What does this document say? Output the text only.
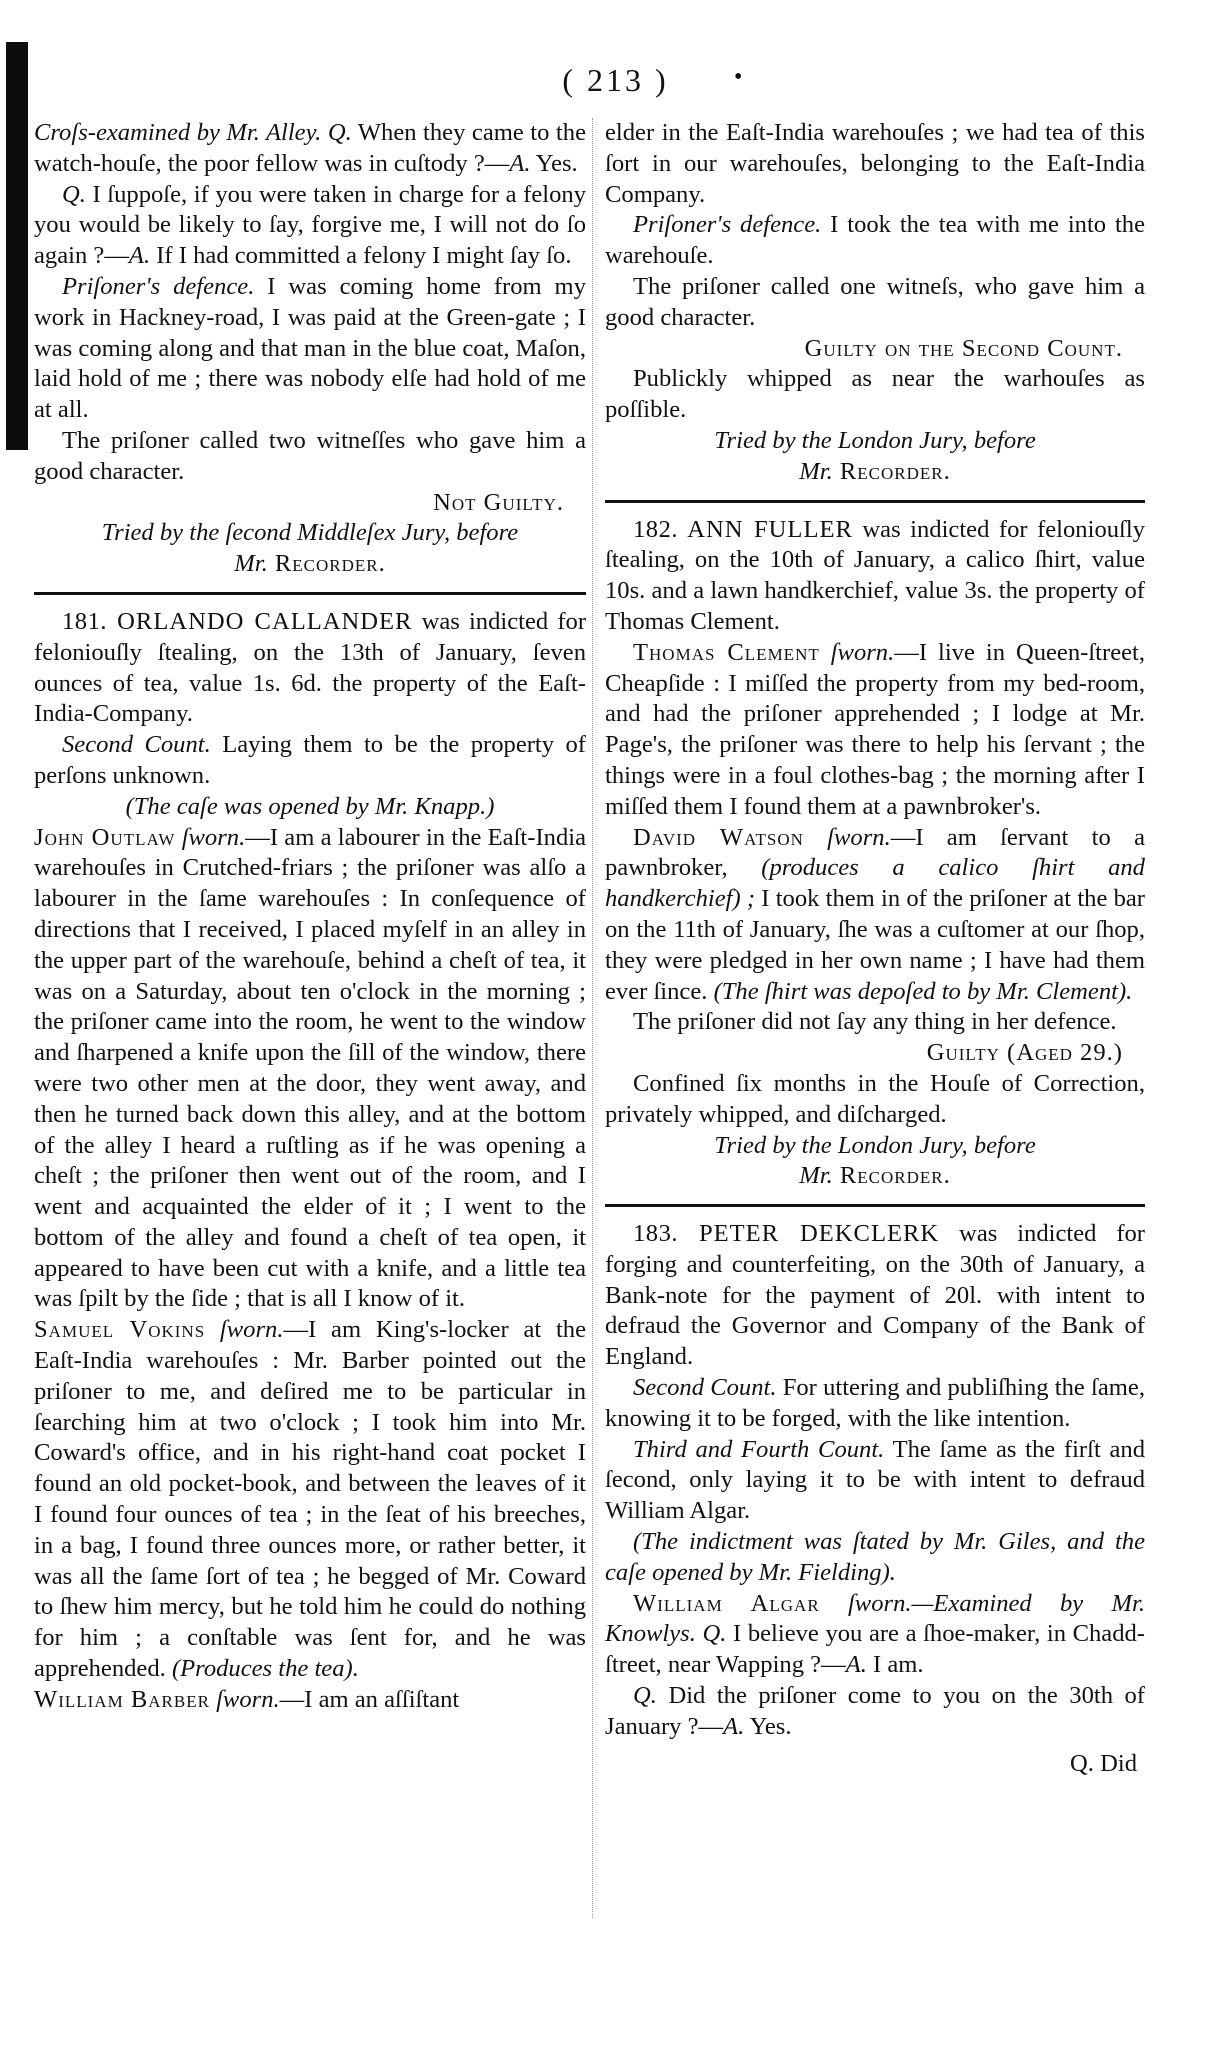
( 213 )	•

Croſs-examined by Mr. Alley. Q. When they came to the watch-houſe, the poor fellow was in cuſtody ?—A. Yes.

Q. I ſuppoſe, if you were taken in charge for a felony you would be likely to ſay, forgive me, I will not do ſo again ?—A. If I had committed a felony I might ſay ſo.

Priſoner's defence. I was coming home from my work in Hackney-road, I was paid at the Green-gate ; I was coming along and that man in the blue coat, Maſon, laid hold of me ; there was nobody elſe had hold of me at all.

The priſoner called two witneſſes who gave him a good character.

Not Guilty.

Tried by the ſecond Middleſex Jury, before
Mr. Recorder.

181. ORLANDO CALLANDER was indicted for feloniouſly ſtealing, on the 13th of January, ſeven ounces of tea, value 1s. 6d. the property of the Eaſt-India-Company.

Second Count. Laying them to be the property of perſons unknown.

(The caſe was opened by Mr. Knapp.)

John Outlaw ſworn.—I am a labourer in the Eaſt-India warehouſes in Crutched-friars ; the priſoner was alſo a labourer in the ſame warehouſes : In conſequence of directions that I received, I placed myſelf in an alley in the upper part of the warehouſe, behind a cheſt of tea, it was on a Saturday, about ten o'clock in the morning ; the priſoner came into the room, he went to the window and ſharpened a knife upon the ſill of the window, there were two other men at the door, they went away, and then he turned back down this alley, and at the bottom of the alley I heard a ruſtling as if he was opening a cheſt ; the priſoner then went out of the room, and I went and acquainted the elder of it ; I went to the bottom of the alley and found a cheſt of tea open, it appeared to have been cut with a knife, and a little tea was ſpilt by the ſide ; that is all I know of it.

Samuel Vokins ſworn.—I am King's-locker at the Eaſt-India warehouſes : Mr. Barber pointed out the priſoner to me, and deſired me to be particular in ſearching him at two o'clock ; I took him into Mr. Coward's office, and in his right-hand coat pocket I found an old pocket-book, and between the leaves of it I found four ounces of tea ; in the ſeat of his breeches, in a bag, I found three ounces more, or rather better, it was all the ſame ſort of tea ; he begged of Mr. Coward to ſhew him mercy, but he told him he could do nothing for him ; a conſtable was ſent for, and he was apprehended. (Produces the tea).

William Barber ſworn.—I am an aſſiſtant

elder in the Eaſt-India warehouſes ; we had tea of this ſort in our warehouſes, belonging to the Eaſt-India Company.

Priſoner's defence. I took the tea with me into the warehouſe.

The priſoner called one witneſs, who gave him a good character.

Guilty on the Second Count.

Publickly whipped as near the warhouſes as poſſible.

Tried by the London Jury, before
Mr. Recorder.

182. ANN FULLER was indicted for feloniouſly ſtealing, on the 10th of January, a calico ſhirt, value 10s. and a lawn handkerchief, value 3s. the property of Thomas Clement.

Thomas Clement ſworn.—I live in Queen-ſtreet, Cheapſide : I miſſed the property from my bed-room, and had the priſoner apprehended ; I lodge at Mr. Page's, the priſoner was there to help his ſervant ; the things were in a foul clothes-bag ; the morning after I miſſed them I found them at a pawnbroker's.

David Watson ſworn.—I am ſervant to a pawnbroker, (produces a calico ſhirt and handkerchief) ; I took them in of the priſoner at the bar on the 11th of January, ſhe was a cuſtomer at our ſhop, they were pledged in her own name ; I have had them ever ſince. (The ſhirt was depoſed to by Mr. Clement).

The priſoner did not ſay any thing in her defence.

Guilty (Aged 29.)

Confined ſix months in the Houſe of Correction, privately whipped, and diſcharged.

Tried by the London Jury, before
Mr. Recorder.

183. PETER DEKCLERK was indicted for forging and counterfeiting, on the 30th of January, a Bank-note for the payment of 20l. with intent to defraud the Governor and Company of the Bank of England.

Second Count. For uttering and publiſhing the ſame, knowing it to be forged, with the like intention.

Third and Fourth Count. The ſame as the firſt and ſecond, only laying it to be with intent to defraud William Algar.

(The indictment was ſtated by Mr. Giles, and the caſe opened by Mr. Fielding).

William Algar ſworn.—Examined by Mr. Knowlys. Q. I believe you are a ſhoe-maker, in Chadd-ſtreet, near Wapping ?—A. I am.

Q. Did the priſoner come to you on the 30th of January ?—A. Yes.

Q. Did
